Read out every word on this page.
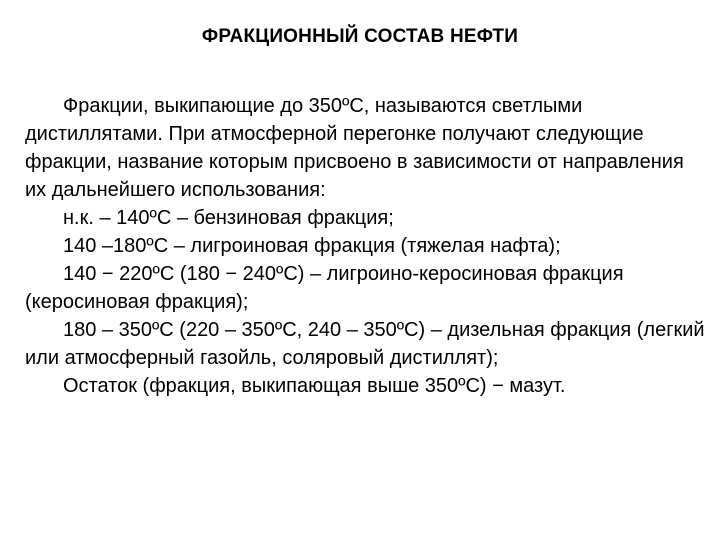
ФРАКЦИОННЫЙ СОСТАВ НЕФТИ

Фракции, выкипающие до 350ºС, называются светлыми дистиллятами. При атмосферной перегонке получают следующие фракции, название которым присвоено в зависимости от направления их дальнейшего использования:

н.к. – 140ºС – бензиновая фракция;

140 –180ºС – лигроиновая фракция (тяжелая нафта);

140 − 220ºС (180 − 240ºС) – лигроино-керосиновая фракция (керосиновая фракция);

180 – 350ºС (220 – 350ºС, 240 – 350ºС) – дизельная фракция (легкий или атмосферный газойль, соляровый дистиллят);

Остаток (фракция, выкипающая выше 350ºС) − мазут.
